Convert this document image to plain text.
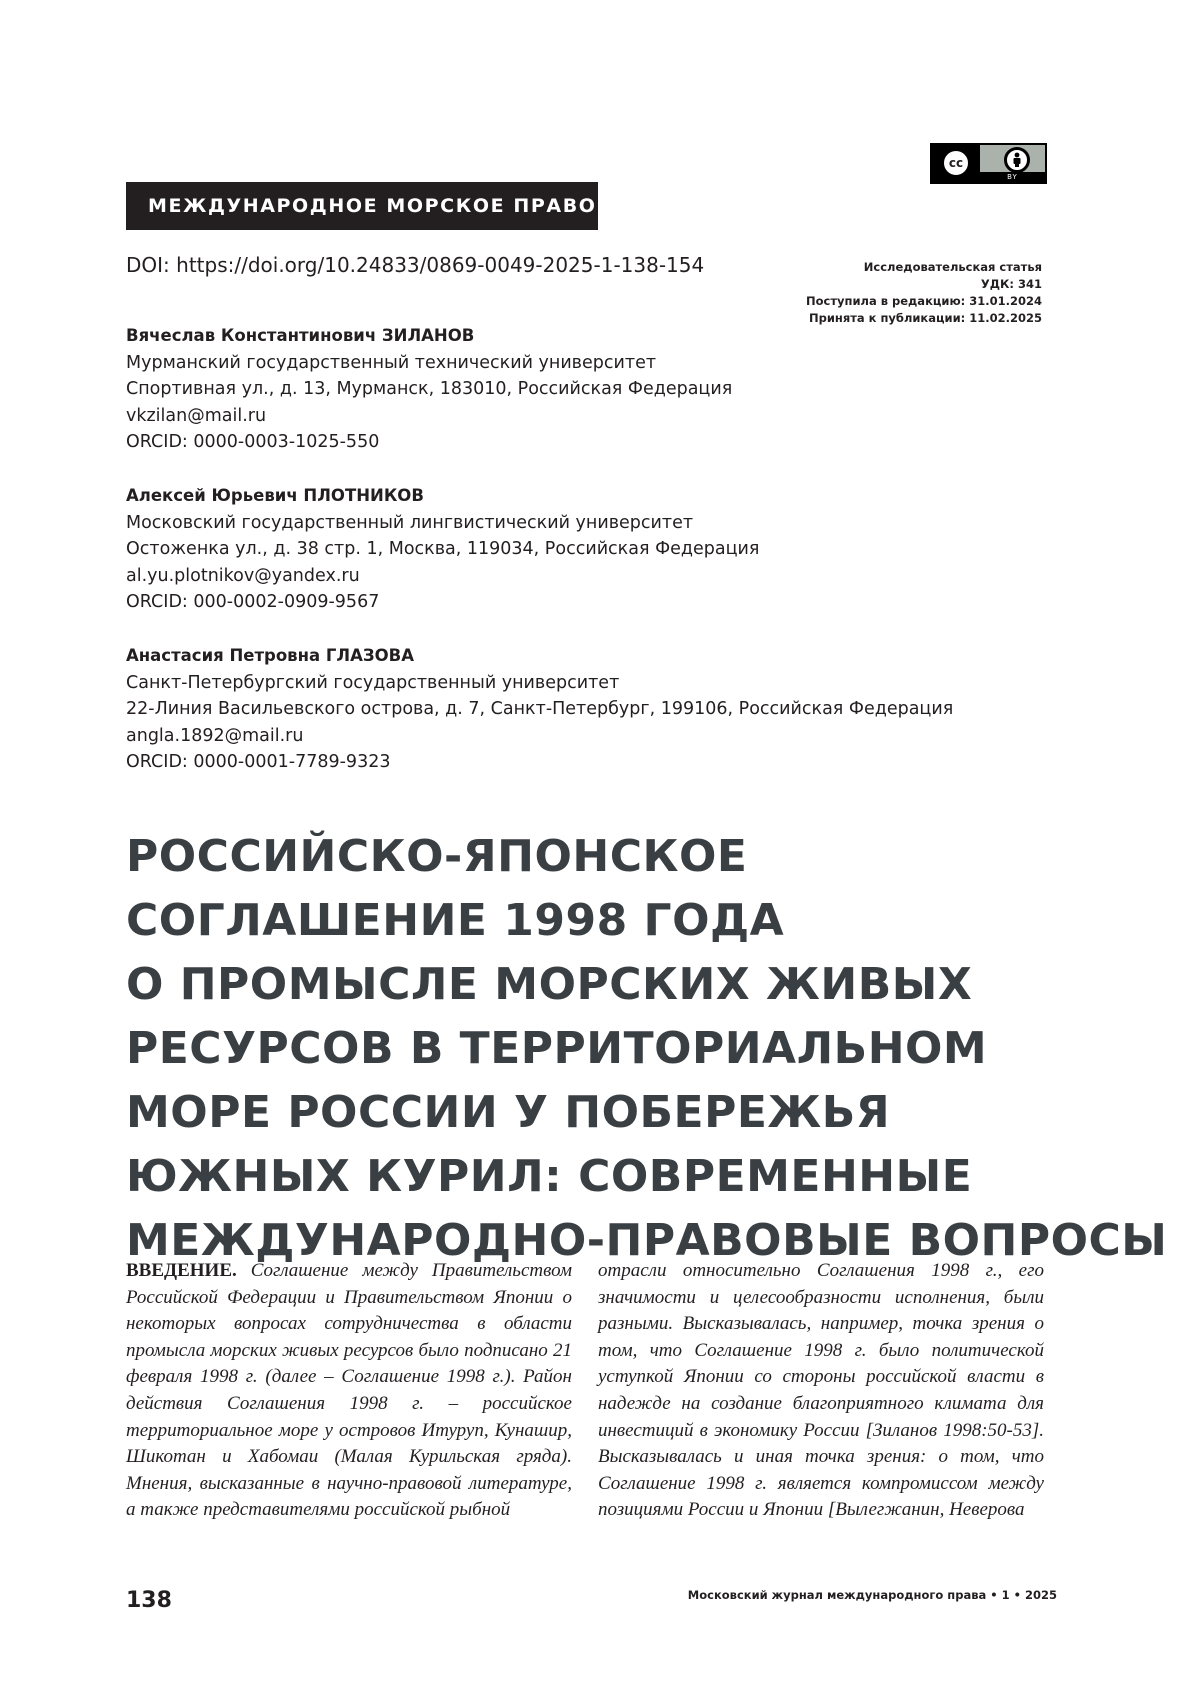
cc
BY
МЕЖДУНАРОДНОЕ МОРСКОЕ ПРАВО
DOI: https://doi.org/10.24833/0869-0049-2025-1-138-154	Исследовательская статья
УДК: 341
Поступила в редакцию: 31.01.2024
Принята к публикации: 11.02.2025
Вячеслав Константинович ЗИЛАНОВ
Мурманский государственный технический университет
Спортивная ул., д. 13, Мурманск, 183010, Российская Федерация
vkzilan@mail.ru
ORCID: 0000-0003-1025-550
Алексей Юрьевич ПЛОТНИКОВ
Московский государственный лингвистический университет
Остоженка ул., д. 38 стр. 1, Москва, 119034, Российская Федерация
al.yu.plotnikov@yandex.ru
ORCID: 000-0002-0909-9567
Анастасия Петровна ГЛАЗОВА
Санкт-Петербургский государственный университет
22-Линия Васильевского острова, д. 7, Санкт-Петербург, 199106, Российская Федерация
angla.1892@mail.ru
ORCID: 0000-0001-7789-9323
РОССИЙСКО-ЯПОНСКОЕ
СОГЛАШЕНИЕ 1998 ГОДА
О ПРОМЫСЛЕ МОРСКИХ ЖИВЫХ
РЕСУРСОВ В ТЕРРИТОРИАЛЬНОМ
МОРЕ РОССИИ У ПОБЕРЕЖЬЯ
ЮЖНЫХ КУРИЛ: СОВРЕМЕННЫЕ
МЕЖДУНАРОДНО-ПРАВОВЫЕ ВОПРОСЫ
ВВЕДЕНИЕ. Соглашение между Правительством Российской Федерации и Правительством Японии о некоторых вопросах сотрудничества в области промысла морских живых ресурсов было подписано 21 февраля 1998 г. (далее – Соглашение 1998 г.). Район действия Соглашения 1998 г. – российское территориальное море у островов Итуруп, Кунашир, Шикотан и Хабомаи (Малая Курильская гряда). Мнения, высказанные в научно-правовой литературе, а также представителями российской рыбной
отрасли относительно Соглашения 1998 г., его значимости и целесообразности исполнения, были разными. Высказывалась, например, точка зрения о том, что Соглашение 1998 г. было политической уступкой Японии со стороны российской власти в надежде на создание благоприятного климата для инвестиций в экономику России [Зиланов 1998:50-53]. Высказывалась и иная точка зрения: о том, что Соглашение 1998 г. является компромиссом между позициями России и Японии [Вылегжанин, Неверова
138	Московский журнал международного права • 1 • 2025
